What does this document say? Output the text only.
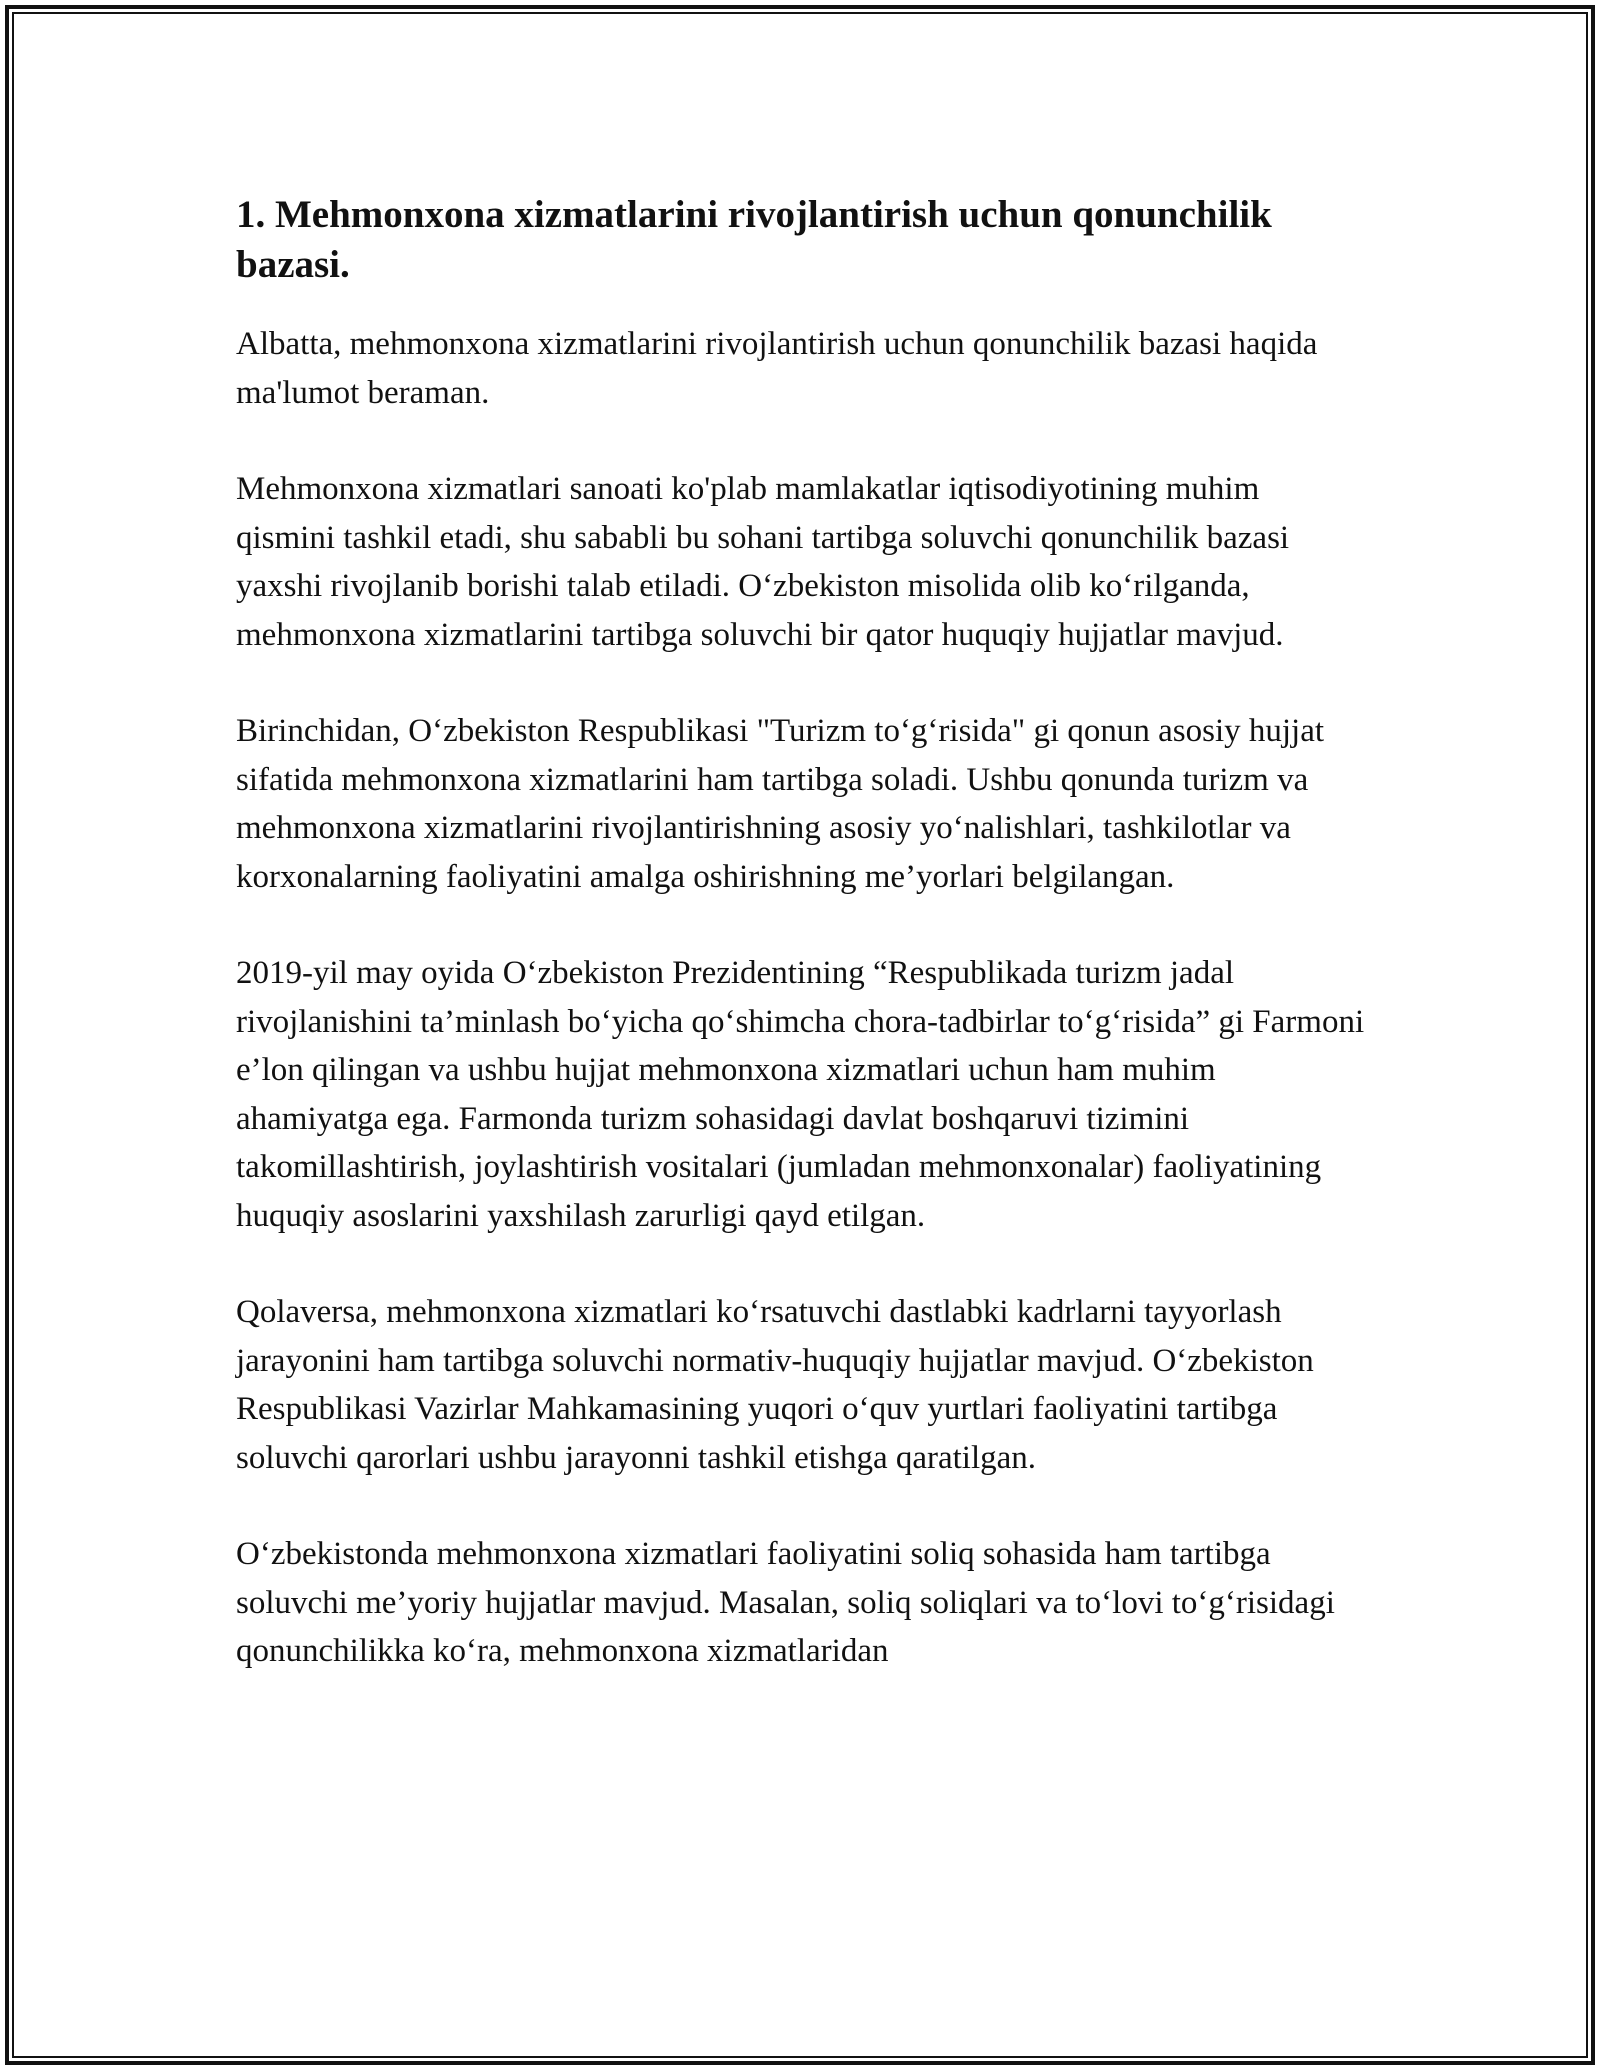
1. Mehmonxona xizmatlarini rivojlantirish uchun qonunchilik bazasi.

Albatta, mehmonxona xizmatlarini rivojlantirish uchun qonunchilik bazasi haqida ma'lumot beraman.

Mehmonxona xizmatlari sanoati ko'plab mamlakatlar iqtisodiyotining muhim qismini tashkil etadi, shu sababli bu sohani tartibga soluvchi qonunchilik bazasi yaxshi rivojlanib borishi talab etiladi. O‘zbekiston misolida olib ko‘rilganda, mehmonxona xizmatlarini tartibga soluvchi bir qator huquqiy hujjatlar mavjud.

Birinchidan, O‘zbekiston Respublikasi "Turizm to‘g‘risida" gi qonun asosiy hujjat sifatida mehmonxona xizmatlarini ham tartibga soladi. Ushbu qonunda turizm va mehmonxona xizmatlarini rivojlantirishning asosiy yo‘nalishlari, tashkilotlar va korxonalarning faoliyatini amalga oshirishning me’yorlari belgilangan.

2019-yil may oyida O‘zbekiston Prezidentining “Respublikada turizm jadal rivojlanishini ta’minlash bo‘yicha qo‘shimcha chora-tadbirlar to‘g‘risida” gi Farmoni e’lon qilingan va ushbu hujjat mehmonxona xizmatlari uchun ham muhim ahamiyatga ega. Farmonda turizm sohasidagi davlat boshqaruvi tizimini takomillashtirish, joylashtirish vositalari (jumladan mehmonxonalar) faoliyatining huquqiy asoslarini yaxshilash zarurligi qayd etilgan.

Qolaversa, mehmonxona xizmatlari ko‘rsatuvchi dastlabki kadrlarni tayyorlash jarayonini ham tartibga soluvchi normativ-huquqiy hujjatlar mavjud. O‘zbekiston Respublikasi Vazirlar Mahkamasining yuqori o‘quv yurtlari faoliyatini tartibga soluvchi qarorlari ushbu jarayonni tashkil etishga qaratilgan.

O‘zbekistonda mehmonxona xizmatlari faoliyatini soliq sohasida ham tartibga soluvchi me’yoriy hujjatlar mavjud. Masalan, soliq soliqlari va to‘lovi to‘g‘risidagi qonunchilikka ko‘ra, mehmonxona xizmatlaridan
